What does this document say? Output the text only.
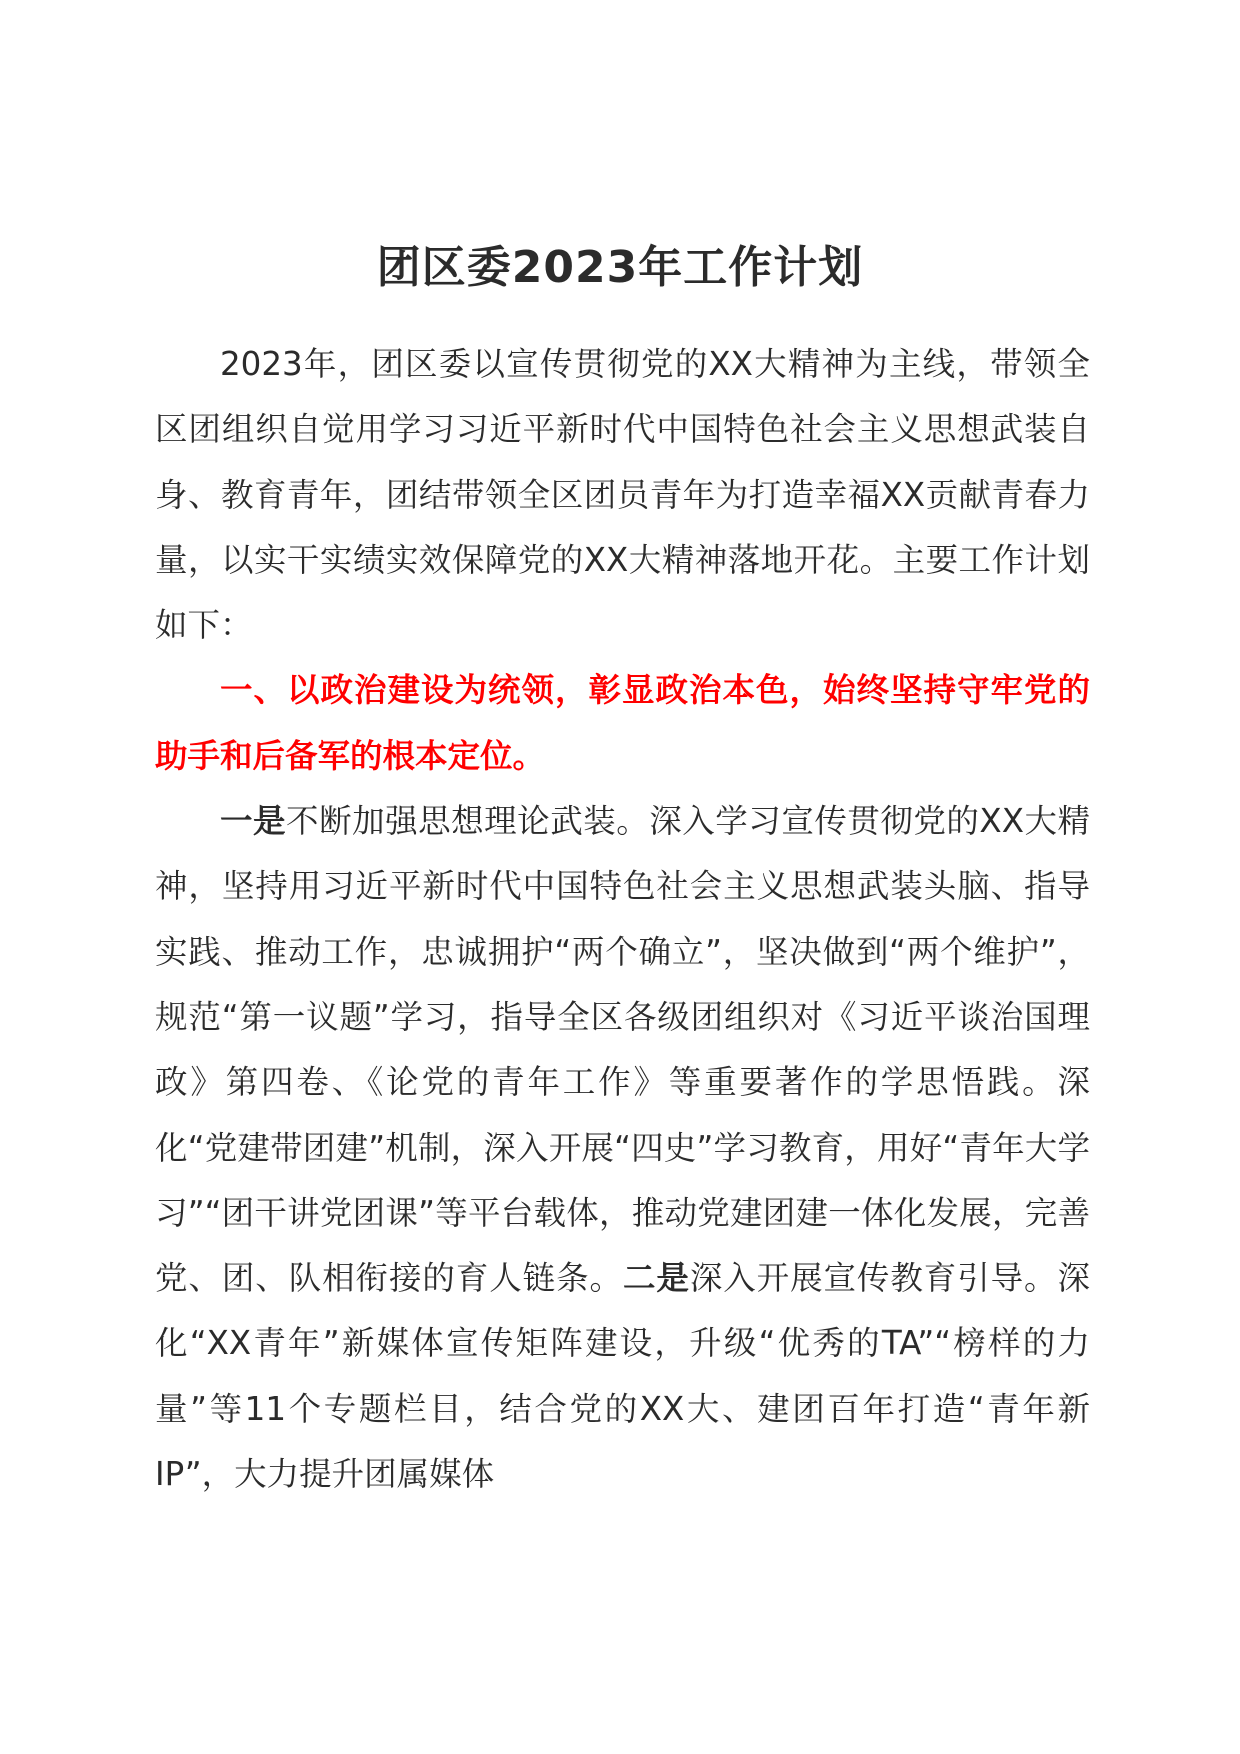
团区委2023年工作计划

2023年，团区委以宣传贯彻党的XX大精神为主线，带领全区团组织自觉用学习习近平新时代中国特色社会主义思想武装自身、教育青年，团结带领全区团员青年为打造幸福XX贡献青春力量，以实干实绩实效保障党的XX大精神落地开花。主要工作计划如下：

一、以政治建设为统领，彰显政治本色，始终坚持守牢党的助手和后备军的根本定位。

一是不断加强思想理论武装。深入学习宣传贯彻党的XX大精神，坚持用习近平新时代中国特色社会主义思想武装头脑、指导实践、推动工作，忠诚拥护“两个确立”，坚决做到“两个维护”，规范“第一议题”学习，指导全区各级团组织对《习近平谈治国理政》第四卷、《论党的青年工作》等重要著作的学思悟践。深化“党建带团建”机制，深入开展“四史”学习教育，用好“青年大学习”“团干讲党团课”等平台载体，推动党建团建一体化发展，完善党、团、队相衔接的育人链条。二是深入开展宣传教育引导。深化“XX青年”新媒体宣传矩阵建设，升级“优秀的TA”“榜样的力量”等11个专题栏目，结合党的XX大、建团百年打造“青年新IP”，大力提升团属媒体
